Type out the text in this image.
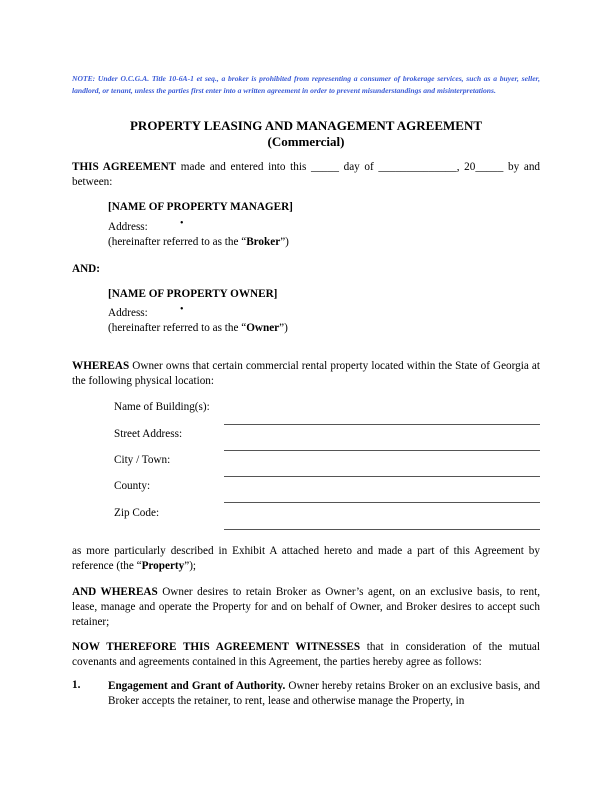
NOTE: Under O.C.G.A. Title 10-6A-1 et seq., a broker is prohibited from representing a consumer of brokerage services, such as a buyer, seller, landlord, or tenant, unless the parties first enter into a written agreement in order to prevent misunderstandings and misinterpretations.
PROPERTY LEASING AND MANAGEMENT AGREEMENT
(Commercial)
THIS AGREEMENT made and entered into this _____ day of ______________, 20_____ by and between:
[NAME OF PROPERTY MANAGER]
Address:	•
(hereinafter referred to as the “Broker”)
AND:
[NAME OF PROPERTY OWNER]
Address:	•
(hereinafter referred to as the “Owner”)
WHEREAS Owner owns that certain commercial rental property located within the State of Georgia at the following physical location:
Name of Building(s):
Street Address:
City / Town:
County:
Zip Code:
as more particularly described in Exhibit A attached hereto and made a part of this Agreement by reference (the “Property”);
AND WHEREAS Owner desires to retain Broker as Owner’s agent, on an exclusive basis, to rent, lease, manage and operate the Property for and on behalf of Owner, and Broker desires to accept such retainer;
NOW THEREFORE THIS AGREEMENT WITNESSES that in consideration of the mutual covenants and agreements contained in this Agreement, the parties hereby agree as follows:
1. Engagement and Grant of Authority. Owner hereby retains Broker on an exclusive basis, and Broker accepts the retainer, to rent, lease and otherwise manage the Property, in
